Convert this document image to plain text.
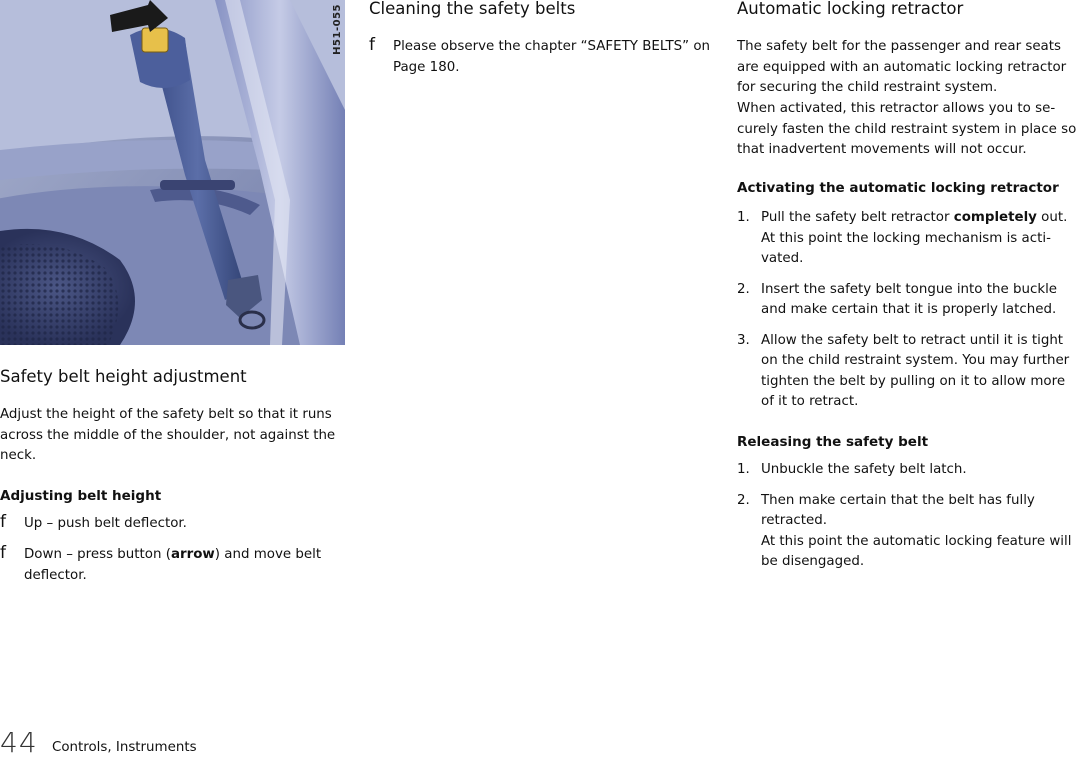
H51-055
Safety belt height adjustment

Adjust the height of the safety belt so that it runs across the middle of the shoulder, not against the neck.

Adjusting belt height
f Up – push belt deflector.
f Down – press button (arrow) and move belt deflector.
Cleaning the safety belts
f Please observe the chapter “SAFETY BELTS” on Page 180.
Automatic locking retractor

The safety belt for the passenger and rear seats are equipped with an automatic locking retractor for securing the child restraint system.

When activated, this retractor allows you to se-curely fasten the child restraint system in place so that inadvertent movements will not occur.

Activating the automatic locking retractor
1. Pull the safety belt retractor completely out. At this point the locking mechanism is acti-vated.
2. Insert the safety belt tongue into the buckle and make certain that it is properly latched.
3. Allow the safety belt to retract until it is tight on the child restraint system. You may further tighten the belt by pulling on it to allow more of it to retract.
Releasing the safety belt
1. Unbuckle the safety belt latch.
2. Then make certain that the belt has fully retracted.
At this point the automatic locking feature will be disengaged.
44 Controls, Instruments
